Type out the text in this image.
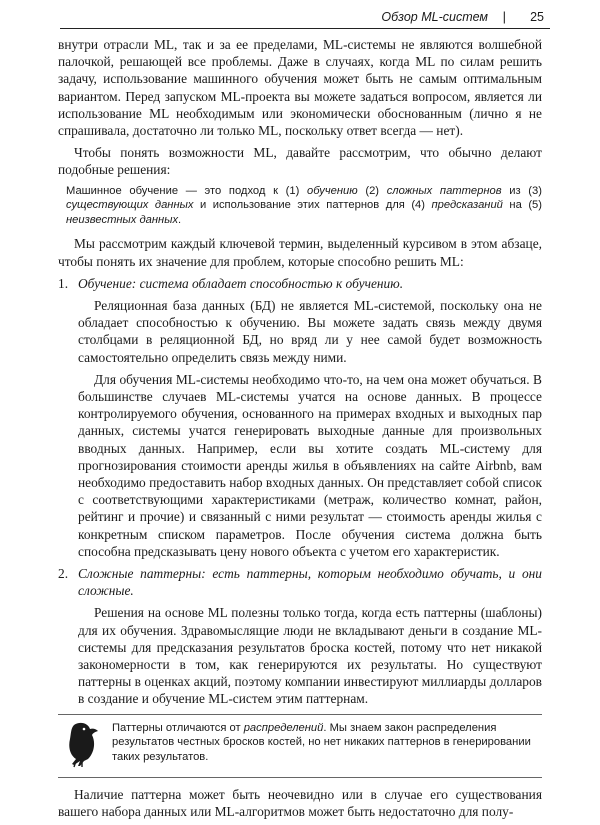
Обзор ML-систем | 25

внутри отрасли ML, так и за ее пределами, ML-системы не являются волшебной палочкой, решающей все проблемы. Даже в случаях, когда ML по силам решить задачу, использование машинного обучения может быть не самым оптимальным вариантом. Перед запуском ML-проекта вы можете задаться вопросом, является ли использование ML необходимым или экономически обоснованным (лично я не спрашивала, достаточно ли только ML, поскольку ответ всегда — нет).

Чтобы понять возможности ML, давайте рассмотрим, что обычно делают подобные решения:

Машинное обучение — это подход к (1) обучению (2) сложных паттернов из (3) существующих данных и использование этих паттернов для (4) предсказаний на (5) неизвестных данных.

Мы рассмотрим каждый ключевой термин, выделенный курсивом в этом абзаце, чтобы понять их значение для проблем, которые способно решить ML:

1. Обучение: система обладает способностью к обучению.

Реляционная база данных (БД) не является ML-системой, поскольку она не обладает способностью к обучению. Вы можете задать связь между двумя столбцами в реляционной БД, но вряд ли у нее самой будет возможность самостоятельно определить связь между ними.

Для обучения ML-системы необходимо что-то, на чем она может обучаться. В большинстве случаев ML-системы учатся на основе данных. В процессе контролируемого обучения, основанного на примерах входных и выходных пар данных, системы учатся генерировать выходные данные для произвольных вводных данных. Например, если вы хотите создать ML-систему для прогнозирования стоимости аренды жилья в объявлениях на сайте Airbnb, вам необходимо предоставить набор входных данных. Он представляет собой список с соответствующими характеристиками (метраж, количество комнат, район, рейтинг и прочие) и связанный с ними результат — стоимость аренды жилья с конкретным списком параметров. После обучения система должна быть способна предсказывать цену нового объекта с учетом его характеристик.

2. Сложные паттерны: есть паттерны, которым необходимо обучать, и они сложные.

Решения на основе ML полезны только тогда, когда есть паттерны (шаблоны) для их обучения. Здравомыслящие люди не вкладывают деньги в создание ML-системы для предсказания результатов броска костей, потому что нет никакой закономерности в том, как генерируются их результаты. Но существуют паттерны в оценках акций, поэтому компании инвестируют миллиарды долларов в создание и обучение ML-систем этим паттернам.

Паттерны отличаются от распределений. Мы знаем закон распределения результатов честных бросков костей, но нет никаких паттернов в генерировании таких результатов.

Наличие паттерна может быть неочевидно или в случае его существования вашего набора данных или ML-алгоритмов может быть недостаточно для полу-
